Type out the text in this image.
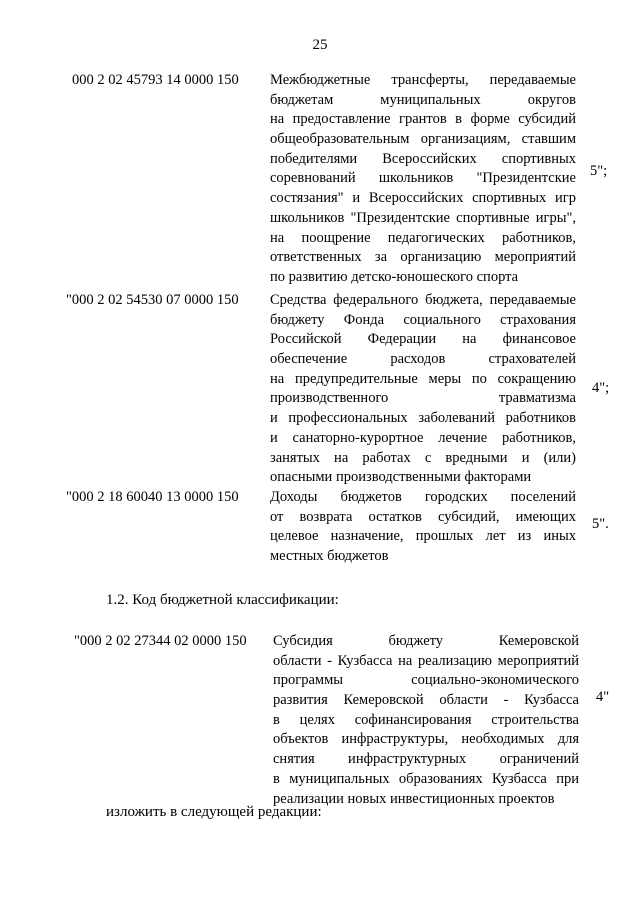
25
000 2 02 45793 14 0000 150 Межбюджетные трансферты, передаваемые
бюджетам муниципальных округов
на предоставление грантов в форме субсидий
общеобразовательным организациям, ставшим
победителями Всероссийских спортивных
соревнований школьников "Президентские
состязания" и Всероссийских спортивных игр
школьников "Президентские спортивные игры",
на поощрение педагогических работников,
ответственных за организацию мероприятий
по развитию детско-юношеского спорта
5";
"000 2 02 54530 07 0000 150 Средства федерального бюджета, передаваемые
бюджету Фонда социального страхования
Российской Федерации на финансовое
обеспечение расходов страхователей
на предупредительные меры по сокращению
производственного травматизма
и профессиональных заболеваний работников
и санаторно-курортное лечение работников,
занятых на работах с вредными и (или)
опасными производственными факторами
4";
"000 2 18 60040 13 0000 150 Доходы бюджетов городских поселений
от возврата остатков субсидий, имеющих
целевое назначение, прошлых лет из иных
местных бюджетов
5".
1.2. Код бюджетной классификации:
"000 2 02 27344 02 0000 150 Субсидия бюджету Кемеровской
области - Кузбасса на реализацию мероприятий
программы социально-экономического
развития Кемеровской области - Кузбасса
в целях софинансирования строительства
объектов инфраструктуры, необходимых для
снятия инфраструктурных ограничений
в муниципальных образованиях Кузбасса при
реализации новых инвестиционных проектов
4"
изложить в следующей редакции:
